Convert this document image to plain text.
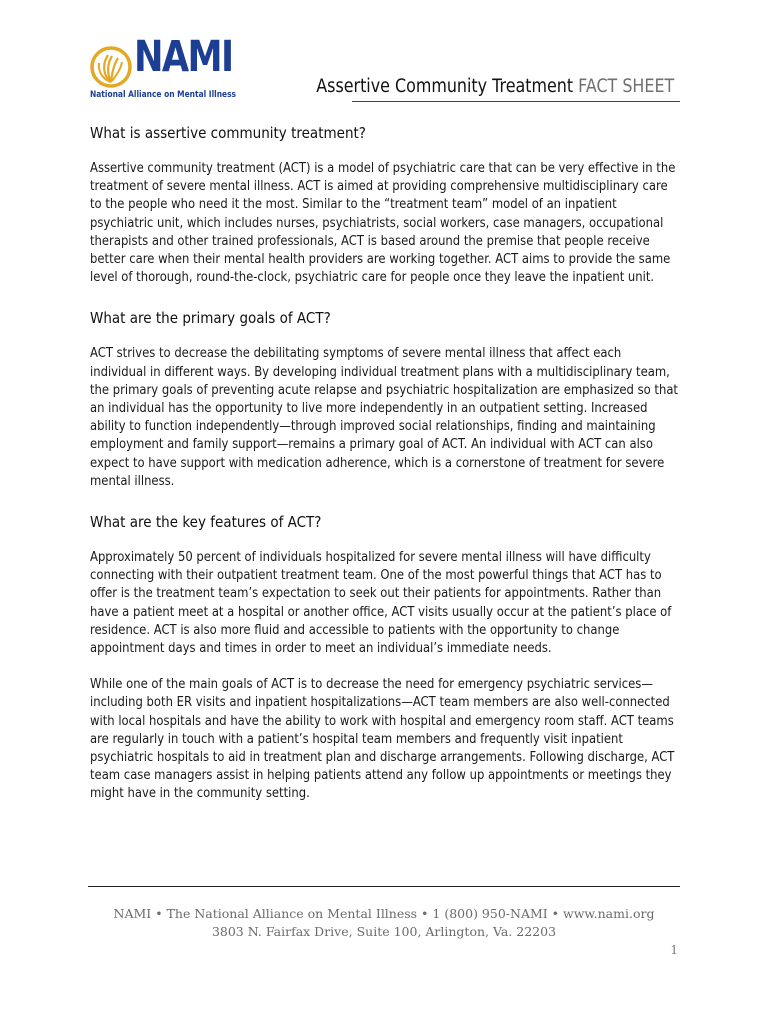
NAMI
National Alliance on Mental Illness	Assertive Community Treatment FACT SHEET
What is assertive community treatment?

Assertive community treatment (ACT) is a model of psychiatric care that can be very effective in the treatment of severe mental illness. ACT is aimed at providing comprehensive multidisciplinary care to the people who need it the most. Similar to the “treatment team” model of an inpatient psychiatric unit, which includes nurses, psychiatrists, social workers, case managers, occupational therapists and other trained professionals, ACT is based around the premise that people receive better care when their mental health providers are working together. ACT aims to provide the same level of thorough, round-the-clock, psychiatric care for people once they leave the inpatient unit.

What are the primary goals of ACT?

ACT strives to decrease the debilitating symptoms of severe mental illness that affect each individual in different ways. By developing individual treatment plans with a multidisciplinary team, the primary goals of preventing acute relapse and psychiatric hospitalization are emphasized so that an individual has the opportunity to live more independently in an outpatient setting. Increased ability to function independently—through improved social relationships, finding and maintaining employment and family support—remains a primary goal of ACT. An individual with ACT can also expect to have support with medication adherence, which is a cornerstone of treatment for severe mental illness.

What are the key features of ACT?

Approximately 50 percent of individuals hospitalized for severe mental illness will have difficulty connecting with their outpatient treatment team. One of the most powerful things that ACT has to offer is the treatment team’s expectation to seek out their patients for appointments. Rather than have a patient meet at a hospital or another office, ACT visits usually occur at the patient’s place of residence. ACT is also more fluid and accessible to patients with the opportunity to change appointment days and times in order to meet an individual’s immediate needs.

While one of the main goals of ACT is to decrease the need for emergency psychiatric services—including both ER visits and inpatient hospitalizations—ACT team members are also well-connected with local hospitals and have the ability to work with hospital and emergency room staff. ACT teams are regularly in touch with a patient’s hospital team members and frequently visit inpatient psychiatric hospitals to aid in treatment plan and discharge arrangements. Following discharge, ACT team case managers assist in helping patients attend any follow up appointments or meetings they might have in the community setting.

NAMI • The National Alliance on Mental Illness • 1 (800) 950-NAMI • www.nami.org
3803 N. Fairfax Drive, Suite 100, Arlington, Va. 22203
1
